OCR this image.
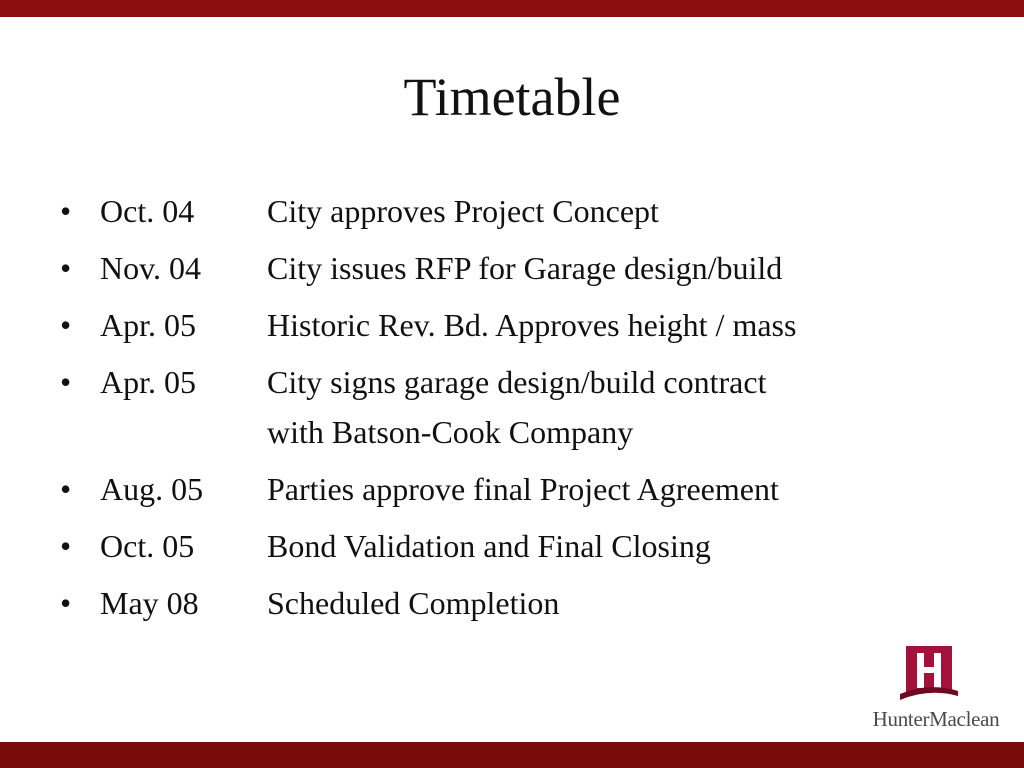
Timetable
• Oct. 04	City approves Project Concept
• Nov. 04	City issues RFP for Garage design/build
• Apr. 05	Historic Rev. Bd. Approves height / mass
• Apr. 05	City signs garage design/build contract
with Batson-Cook Company
• Aug. 05	Parties approve final Project Agreement
• Oct. 05	Bond Validation and Final Closing
• May 08	Scheduled Completion
HunterMaclean
